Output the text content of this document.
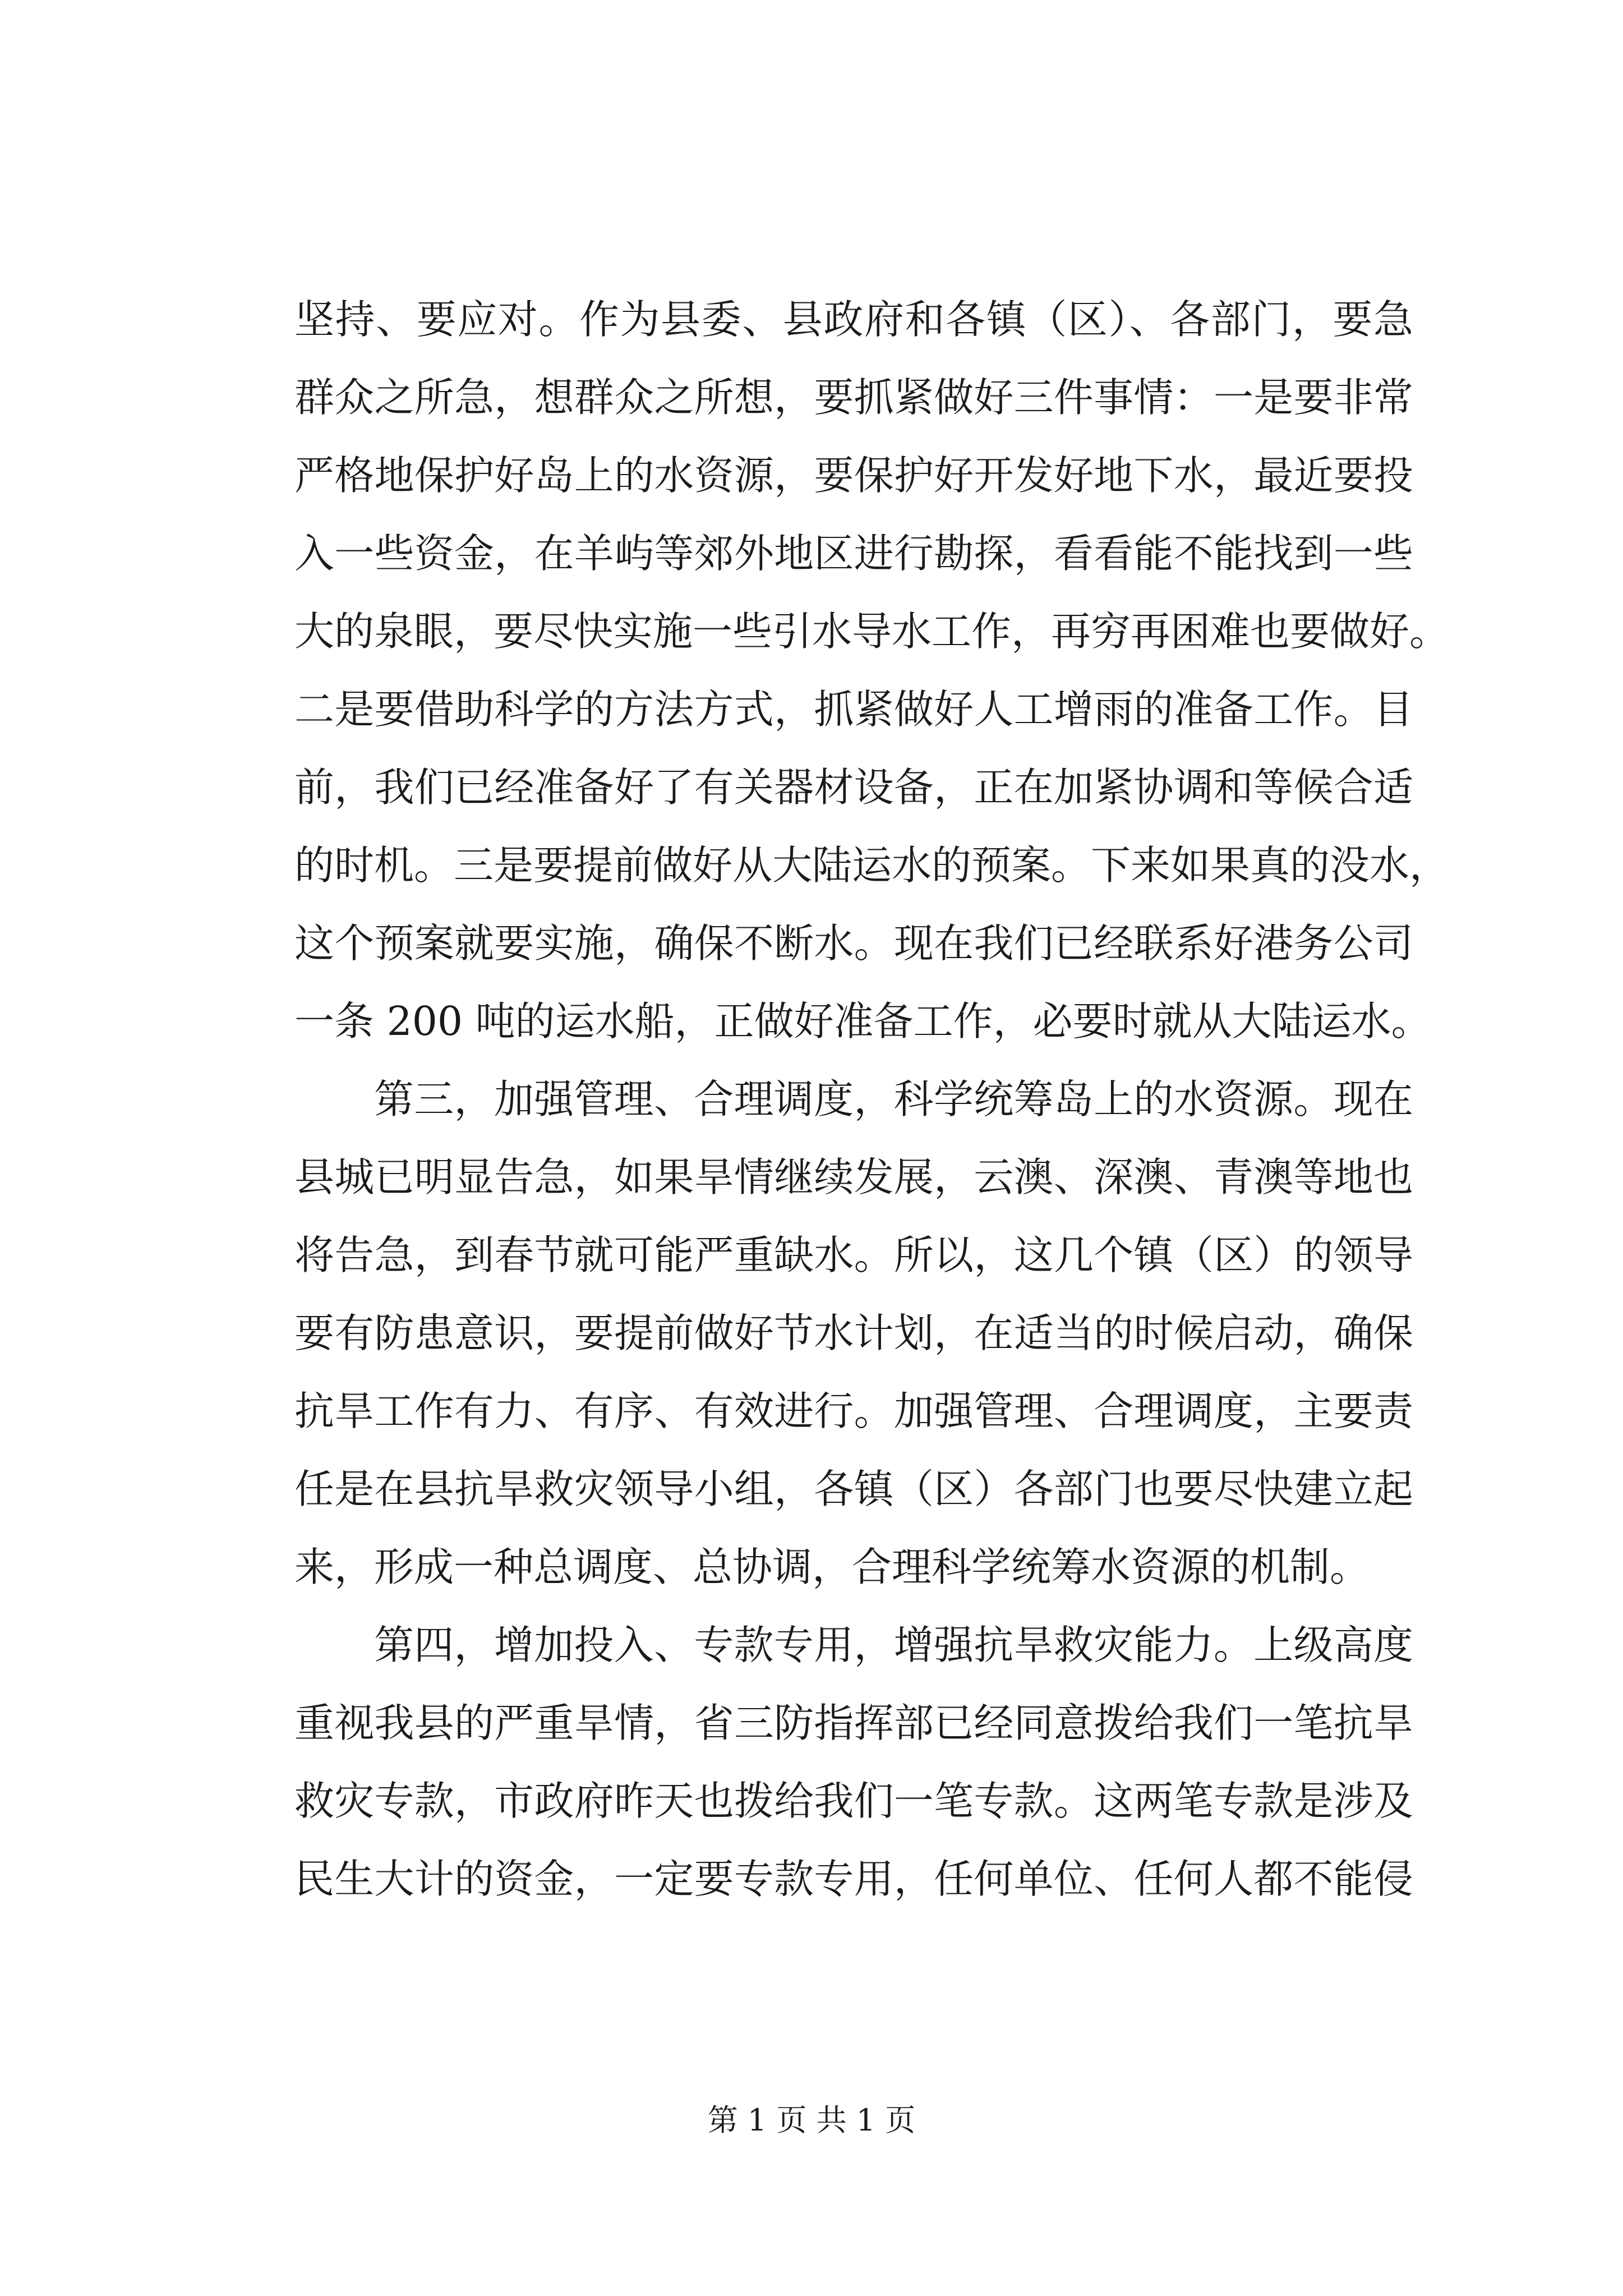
坚持、要应对。作为县委、县政府和各镇（区）、各部门，要急
群众之所急，想群众之所想，要抓紧做好三件事情：一是要非常
严格地保护好岛上的水资源，要保护好开发好地下水，最近要投
入一些资金，在羊屿等郊外地区进行勘探，看看能不能找到一些
大的泉眼，要尽快实施一些引水导水工作，再穷再困难也要做好。
二是要借助科学的方法方式，抓紧做好人工增雨的准备工作。目
前，我们已经准备好了有关器材设备，正在加紧协调和等候合适
的时机。三是要提前做好从大陆运水的预案。下来如果真的没水，
这个预案就要实施，确保不断水。现在我们已经联系好港务公司
一条 200 吨的运水船，正做好准备工作，必要时就从大陆运水。
第三，加强管理、合理调度，科学统筹岛上的水资源。现在
县城已明显告急，如果旱情继续发展，云澳、深澳、青澳等地也
将告急，到春节就可能严重缺水。所以，这几个镇（区）的领导
要有防患意识，要提前做好节水计划，在适当的时候启动，确保
抗旱工作有力、有序、有效进行。加强管理、合理调度，主要责
任是在县抗旱救灾领导小组，各镇（区）各部门也要尽快建立起
来，形成一种总调度、总协调，合理科学统筹水资源的机制。
第四，增加投入、专款专用，增强抗旱救灾能力。上级高度
重视我县的严重旱情，省三防指挥部已经同意拨给我们一笔抗旱
救灾专款，市政府昨天也拨给我们一笔专款。这两笔专款是涉及
民生大计的资金，一定要专款专用，任何单位、任何人都不能侵
第 1 页 共 1 页
